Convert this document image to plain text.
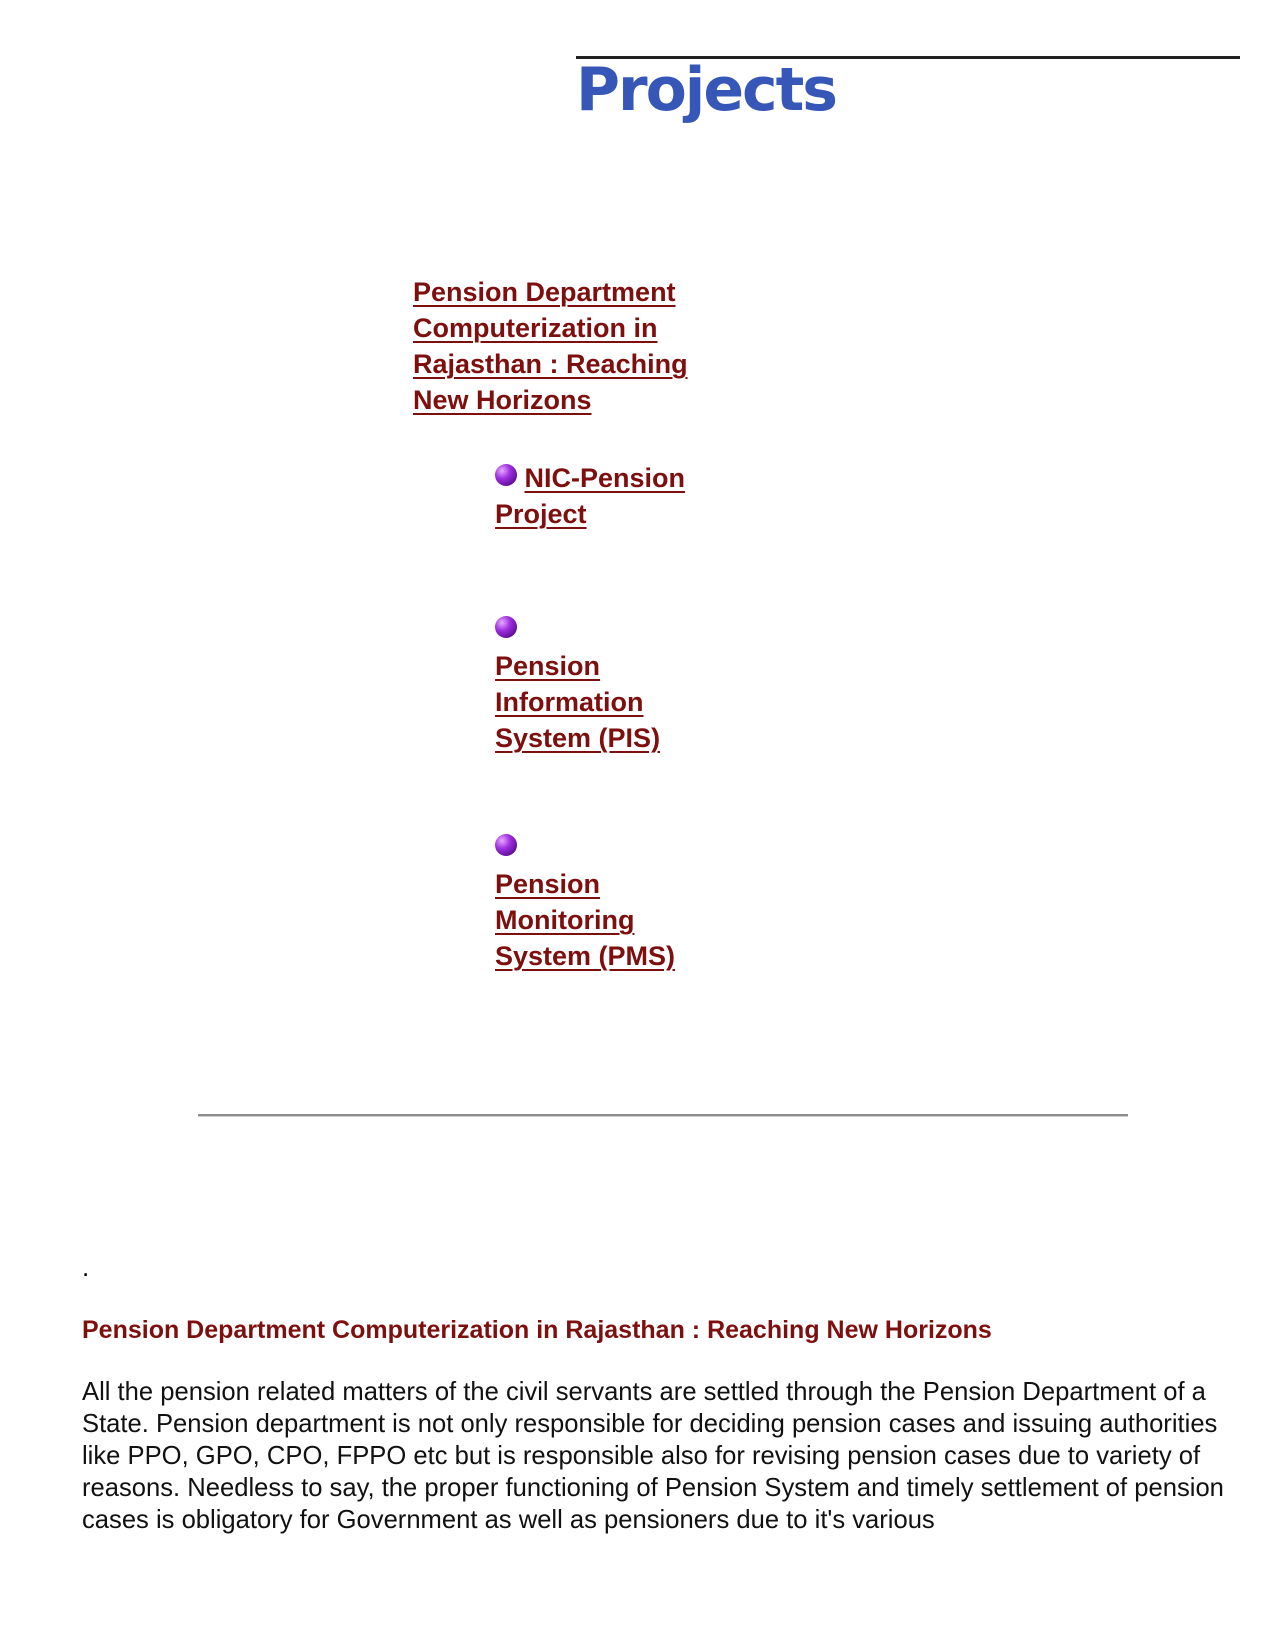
Projects
Pension Department Computerization in Rajasthan : Reaching New Horizons
NIC-Pension Project
Pension Information System (PIS)
Pension Monitoring System (PMS)

.

Pension Department Computerization in Rajasthan : Reaching New Horizons

All the pension related matters of the civil servants are settled through the Pension Department of a State. Pension department is not only responsible for deciding pension cases and issuing authorities like PPO, GPO, CPO, FPPO etc but is responsible also for revising pension cases due to variety of reasons. Needless to say, the proper functioning of Pension System and timely settlement of pension cases is obligatory for Government as well as pensioners due to it's various
